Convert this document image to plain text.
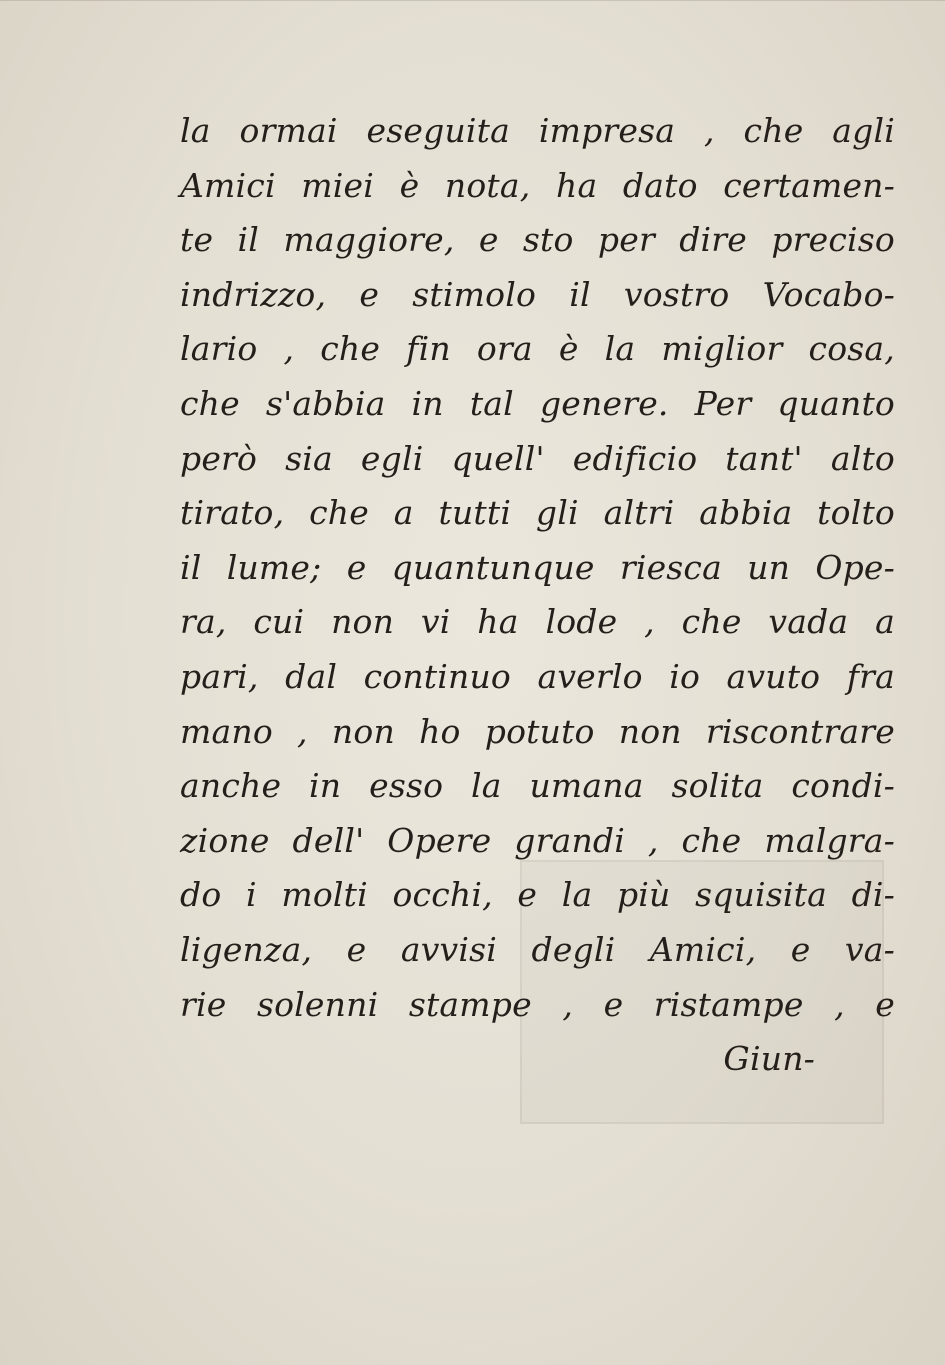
la ormai eseguita impresa , che agli
Amici miei è nota, ha dato certamen-
te il maggiore, e sto per dire preciso
indrizzo, e stimolo il vostro Vocabo-
lario , che fin ora è la miglior cosa,
che s'abbia in tal genere. Per quanto
però sia egli quell' edificio tant' alto
tirato, che a tutti gli altri abbia tolto
il lume; e quantunque riesca un Ope-
ra, cui non vi ha lode , che vada a
pari, dal continuo averlo io avuto fra
mano , non ho potuto non riscontrare
anche in esso la umana solita condi-
zione dell' Opere grandi , che malgra-
do i molti occhi, e la più squisita di-
ligenza, e avvisi degli Amici, e va-
rie solenni stampe , e ristampe , e
Giun-
